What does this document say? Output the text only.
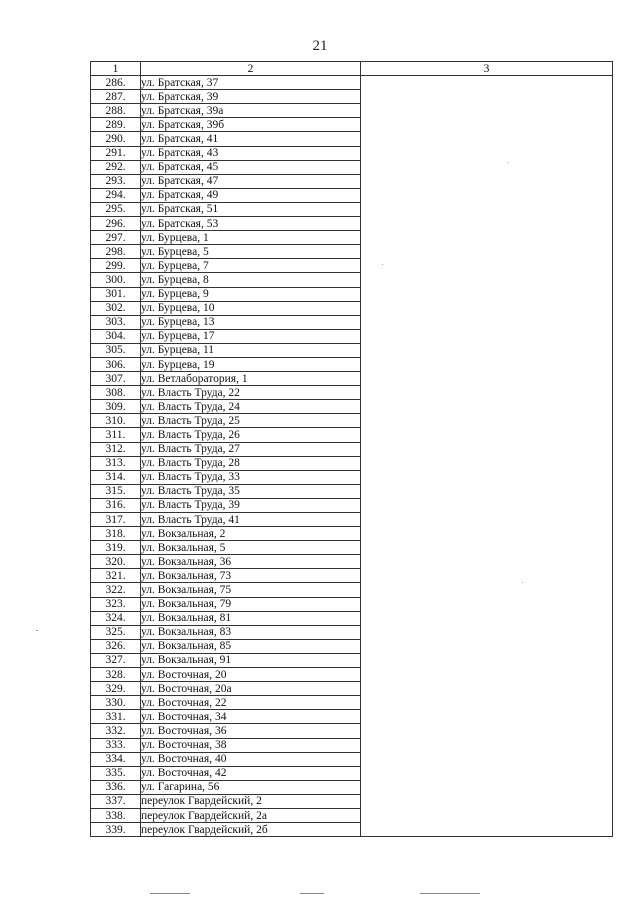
21
1	2	3
286.	ул. Братская, 37	
287.	ул. Братская, 39	
288.	ул. Братская, 39а	
289.	ул. Братская, 39б	
290.	ул. Братская, 41	
291.	ул. Братская, 43	
292.	ул. Братская, 45	
293.	ул. Братская, 47	
294.	ул. Братская, 49	
295.	ул. Братская, 51	
296.	ул. Братская, 53	
297.	ул. Бурцева, 1	
298.	ул. Бурцева, 5	
299.	ул. Бурцева, 7	
300.	ул. Бурцева, 8	
301.	ул. Бурцева, 9	
302.	ул. Бурцева, 10	
303.	ул. Бурцева, 13	
304.	ул. Бурцева, 17	
305.	ул. Бурцева, 11	
306.	ул. Бурцева, 19	
307.	ул. Ветлаборатория, 1	
308.	ул. Власть Труда, 22	
309.	ул. Власть Труда, 24	
310.	ул. Власть Труда, 25	
311.	ул. Власть Труда, 26	
312.	ул. Власть Труда, 27	
313.	ул. Власть Труда, 28	
314.	ул. Власть Труда, 33	
315.	ул. Власть Труда, 35	
316.	ул. Власть Труда, 39	
317.	ул. Власть Труда, 41	
318.	ул. Вокзальная, 2	
319.	ул. Вокзальная, 5	
320.	ул. Вокзальная, 36	
321.	ул. Вокзальная, 73	
322.	ул. Вокзальная, 75	
323.	ул. Вокзальная, 79	
324.	ул. Вокзальная, 81	
325.	ул. Вокзальная, 83	
326.	ул. Вокзальная, 85	
327.	ул. Вокзальная, 91	
328.	ул. Восточная, 20	
329.	ул. Восточная, 20а	
330.	ул. Восточная, 22	
331.	ул. Восточная, 34	
332.	ул. Восточная, 36	
333.	ул. Восточная, 38	
334.	ул. Восточная, 40	
335.	ул. Восточная, 42	
336.	ул. Гагарина, 56	
337.	переулок Гвардейский, 2	
338.	переулок Гвардейский, 2а	
339.	переулок Гвардейский, 2б	
